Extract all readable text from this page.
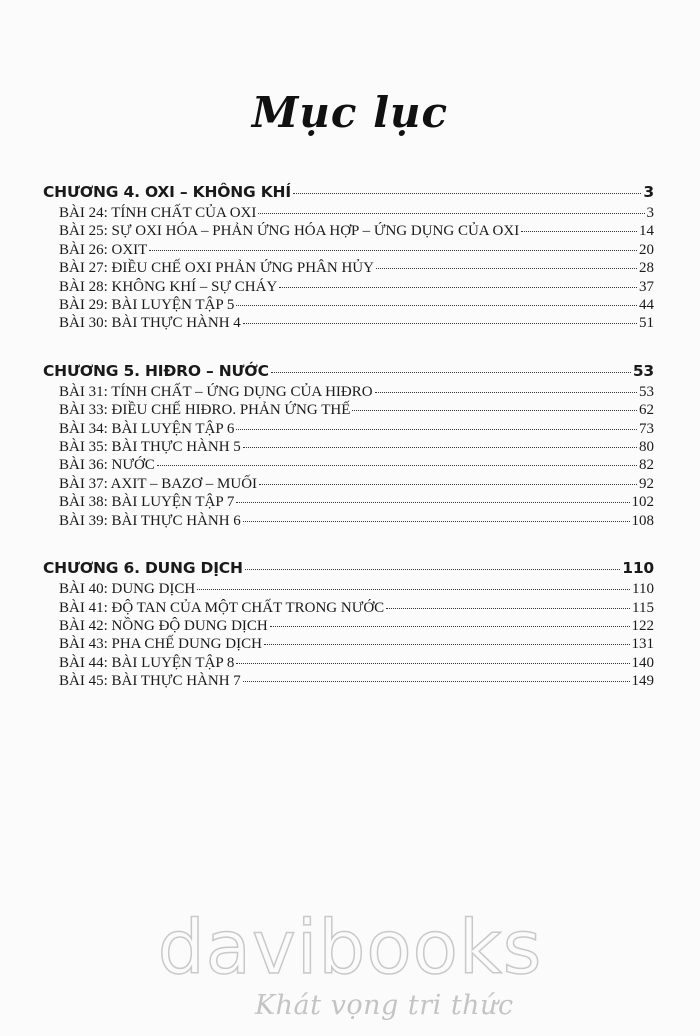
Mục lục
CHƯƠNG 4. OXI – KHÔNG KHÍ	3
BÀI 24: TÍNH CHẤT CỦA OXI	3
BÀI 25: SỰ OXI HÓA – PHẢN ỨNG HÓA HỢP – ỨNG DỤNG CỦA OXI	14
BÀI 26: OXIT	20
BÀI 27: ĐIỀU CHẾ OXI PHẢN ỨNG PHÂN HỦY	28
BÀI 28: KHÔNG KHÍ – SỰ CHÁY	37
BÀI 29: BÀI LUYỆN TẬP 5	44
BÀI 30: BÀI THỰC HÀNH 4	51
CHƯƠNG 5. HIĐRO – NƯỚC	53
BÀI 31: TÍNH CHẤT – ỨNG DỤNG CỦA HIĐRO	53
BÀI 33: ĐIỀU CHẾ HIĐRO. PHẢN ỨNG THẾ	62
BÀI 34: BÀI LUYỆN TẬP 6	73
BÀI 35: BÀI THỰC HÀNH 5	80
BÀI 36: NƯỚC	82
BÀI 37: AXIT – BAZƠ – MUỐI	92
BÀI 38: BÀI LUYỆN TẬP 7	102
BÀI 39: BÀI THỰC HÀNH 6	108
CHƯƠNG 6. DUNG DỊCH	110
BÀI 40: DUNG DỊCH	110
BÀI 41: ĐỘ TAN CỦA MỘT CHẤT TRONG NƯỚC	115
BÀI 42: NỒNG ĐỘ DUNG DỊCH	122
BÀI 43: PHA CHẾ DUNG DỊCH	131
BÀI 44: BÀI LUYỆN TẬP 8	140
BÀI 45: BÀI THỰC HÀNH 7	149
davibooks
Khát vọng tri thức
